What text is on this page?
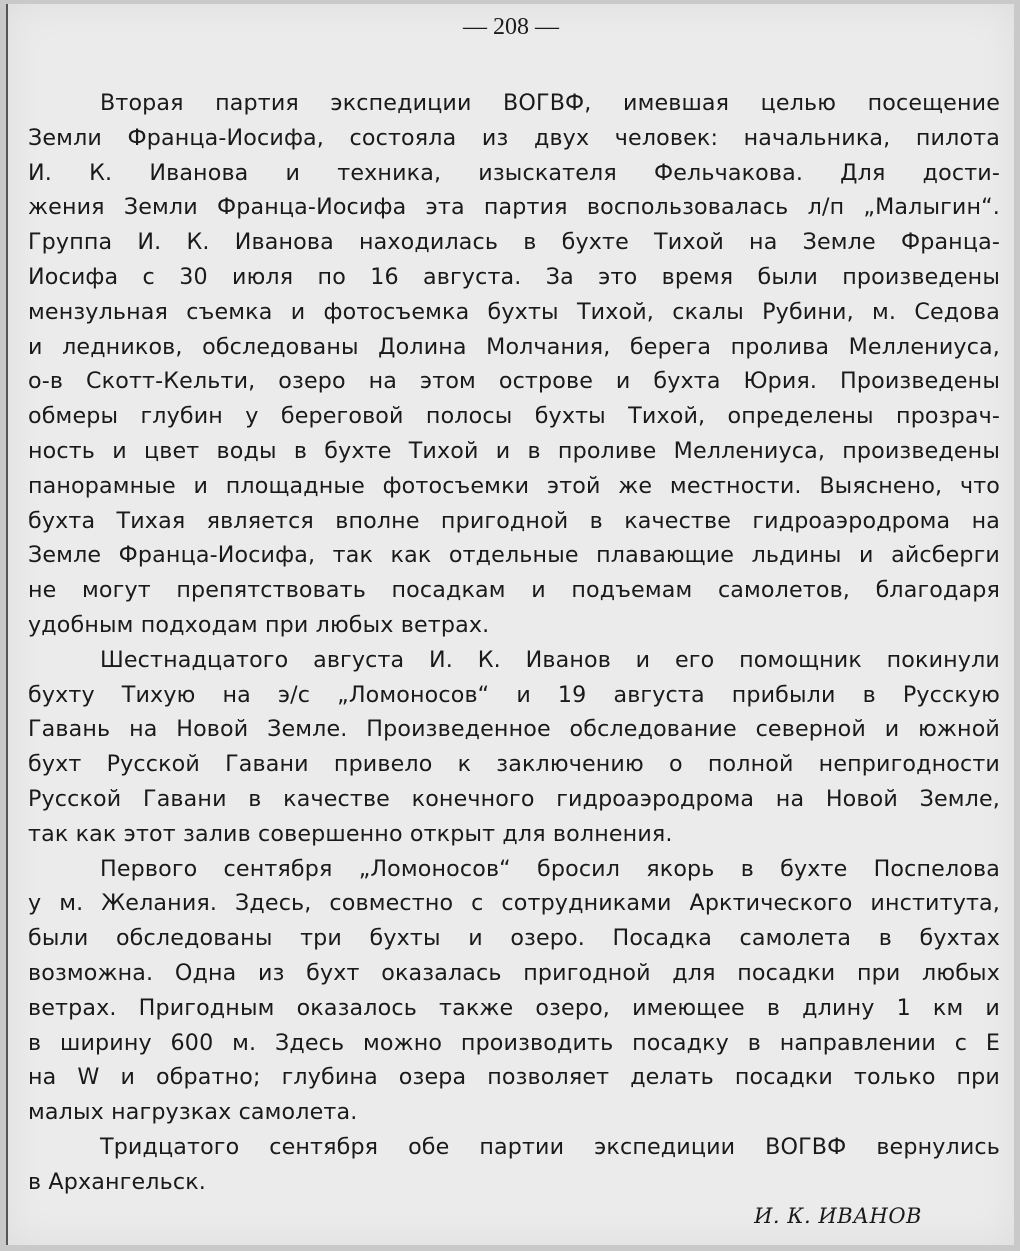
— 208 —
Вторая партия экспедиции ВОГВФ, имевшая целью посещение
Земли Франца-Иосифа, состояла из двух человек: начальника, пилота
И. К. Иванова и техника, изыскателя Фельчакова. Для дости-
жения Земли Франца-Иосифа эта партия воспользовалась л/п „Малыгин“.
Группа И. К. Иванова находилась в бухте Тихой на Земле Франца-
Иосифа с 30 июля по 16 августа. За это время были произведены
мензульная съемка и фотосъемка бухты Тихой, скалы Рубини, м. Седова
и ледников, обследованы Долина Молчания, берега пролива Меллениуса,
о-в Скотт-Кельти, озеро на этом острове и бухта Юрия. Произведены
обмеры глубин у береговой полосы бухты Тихой, определены прозрач-
ность и цвет воды в бухте Тихой и в проливе Меллениуса, произведены
панорамные и площадные фотосъемки этой же местности. Выяснено, что
бухта Тихая является вполне пригодной в качестве гидроаэродрома на
Земле Франца-Иосифа, так как отдельные плавающие льдины и айсберги
не могут препятствовать посадкам и подъемам самолетов, благодаря
удобным подходам при любых ветрах.
Шестнадцатого августа И. К. Иванов и его помощник покинули
бухту Тихую на э/с „Ломоносов“ и 19 августа прибыли в Русскую
Гавань на Новой Земле. Произведенное обследование северной и южной
бухт Русской Гавани привело к заключению о полной непригодности
Русской Гавани в качестве конечного гидроаэродрома на Новой Земле,
так как этот залив совершенно открыт для волнения.
Первого сентября „Ломоносов“ бросил якорь в бухте Поспелова
у м. Желания. Здесь, совместно с сотрудниками Арктического института,
были обследованы три бухты и озеро. Посадка самолета в бухтах
возможна. Одна из бухт оказалась пригодной для посадки при любых
ветрах. Пригодным оказалось также озеро, имеющее в длину 1 км и
в ширину 600 м. Здесь можно производить посадку в направлении с E
на W и обратно; глубина озера позволяет делать посадки только при
малых нагрузках самолета.
Тридцатого сентября обе партии экспедиции ВОГВФ вернулись
в Архангельск.
И. К. ИВАНОВ
